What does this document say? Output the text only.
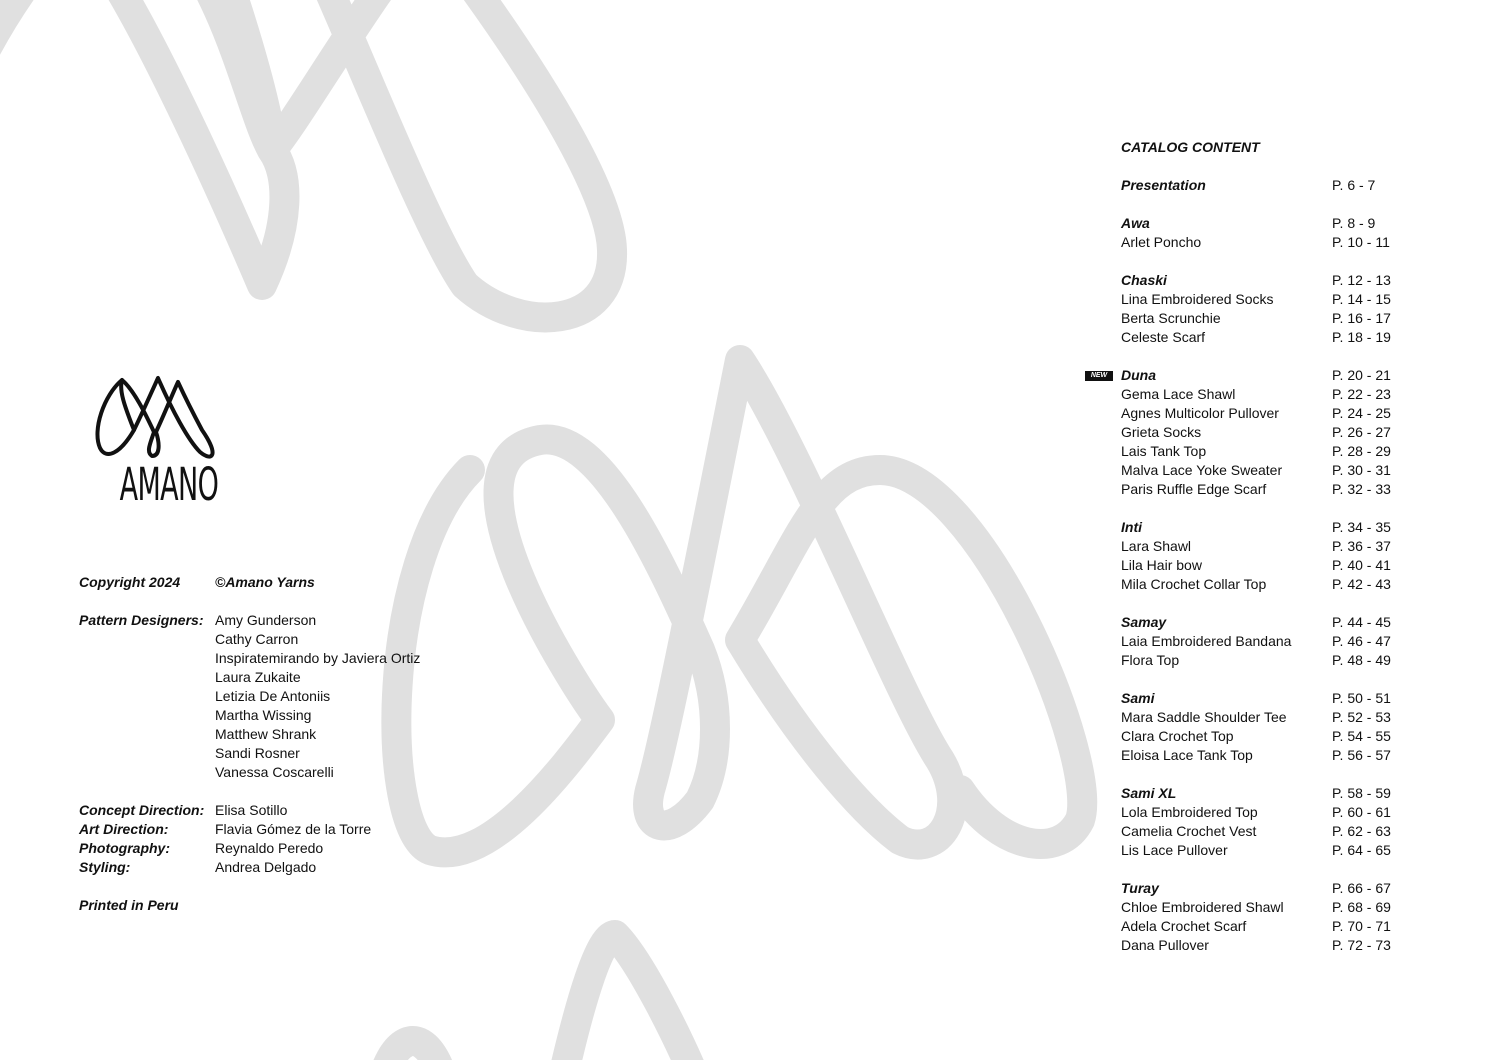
AMANO
Copyright 2024	©Amano Yarns
Pattern Designers: Amy Gunderson
Cathy Carron
Inspiratemirando by Javiera Ortiz
Laura Zukaite
Letizia De Antoniis
Martha Wissing
Matthew Shrank
Sandi Rosner
Vanessa Coscarelli
Concept Direction: Elisa Sotillo
Art Direction:	Flavia Gómez de la Torre
Photography:	Reynaldo Peredo
Styling:	Andrea Delgado
Printed in Peru
CATALOG CONTENT
Presentation	P. 6 - 7
Awa	P. 8 - 9
Arlet Poncho	P. 10 - 11
Chaski	P. 12 - 13
Lina Embroidered Socks	P. 14 - 15
Berta Scrunchie	P. 16 - 17
Celeste Scarf	P. 18 - 19
NEW Duna	P. 20 - 21
Gema Lace Shawl	P. 22 - 23
Agnes Multicolor Pullover	P. 24 - 25
Grieta Socks	P. 26 - 27
Lais Tank Top	P. 28 - 29
Malva Lace Yoke Sweater	P. 30 - 31
Paris Ruffle Edge Scarf	P. 32 - 33
Inti	P. 34 - 35
Lara Shawl	P. 36 - 37
Lila Hair bow	P. 40 - 41
Mila Crochet Collar Top	P. 42 - 43
Samay	P. 44 - 45
Laia Embroidered Bandana	P. 46 - 47
Flora Top	P. 48 - 49
Sami	P. 50 - 51
Mara Saddle Shoulder Tee	P. 52 - 53
Clara Crochet Top	P. 54 - 55
Eloisa Lace Tank Top	P. 56 - 57
Sami XL	P. 58 - 59
Lola Embroidered Top	P. 60 - 61
Camelia Crochet Vest	P. 62 - 63
Lis Lace Pullover	P. 64 - 65
Turay	P. 66 - 67
Chloe Embroidered Shawl	P. 68 - 69
Adela Crochet Scarf	P. 70 - 71
Dana Pullover	P. 72 - 73
